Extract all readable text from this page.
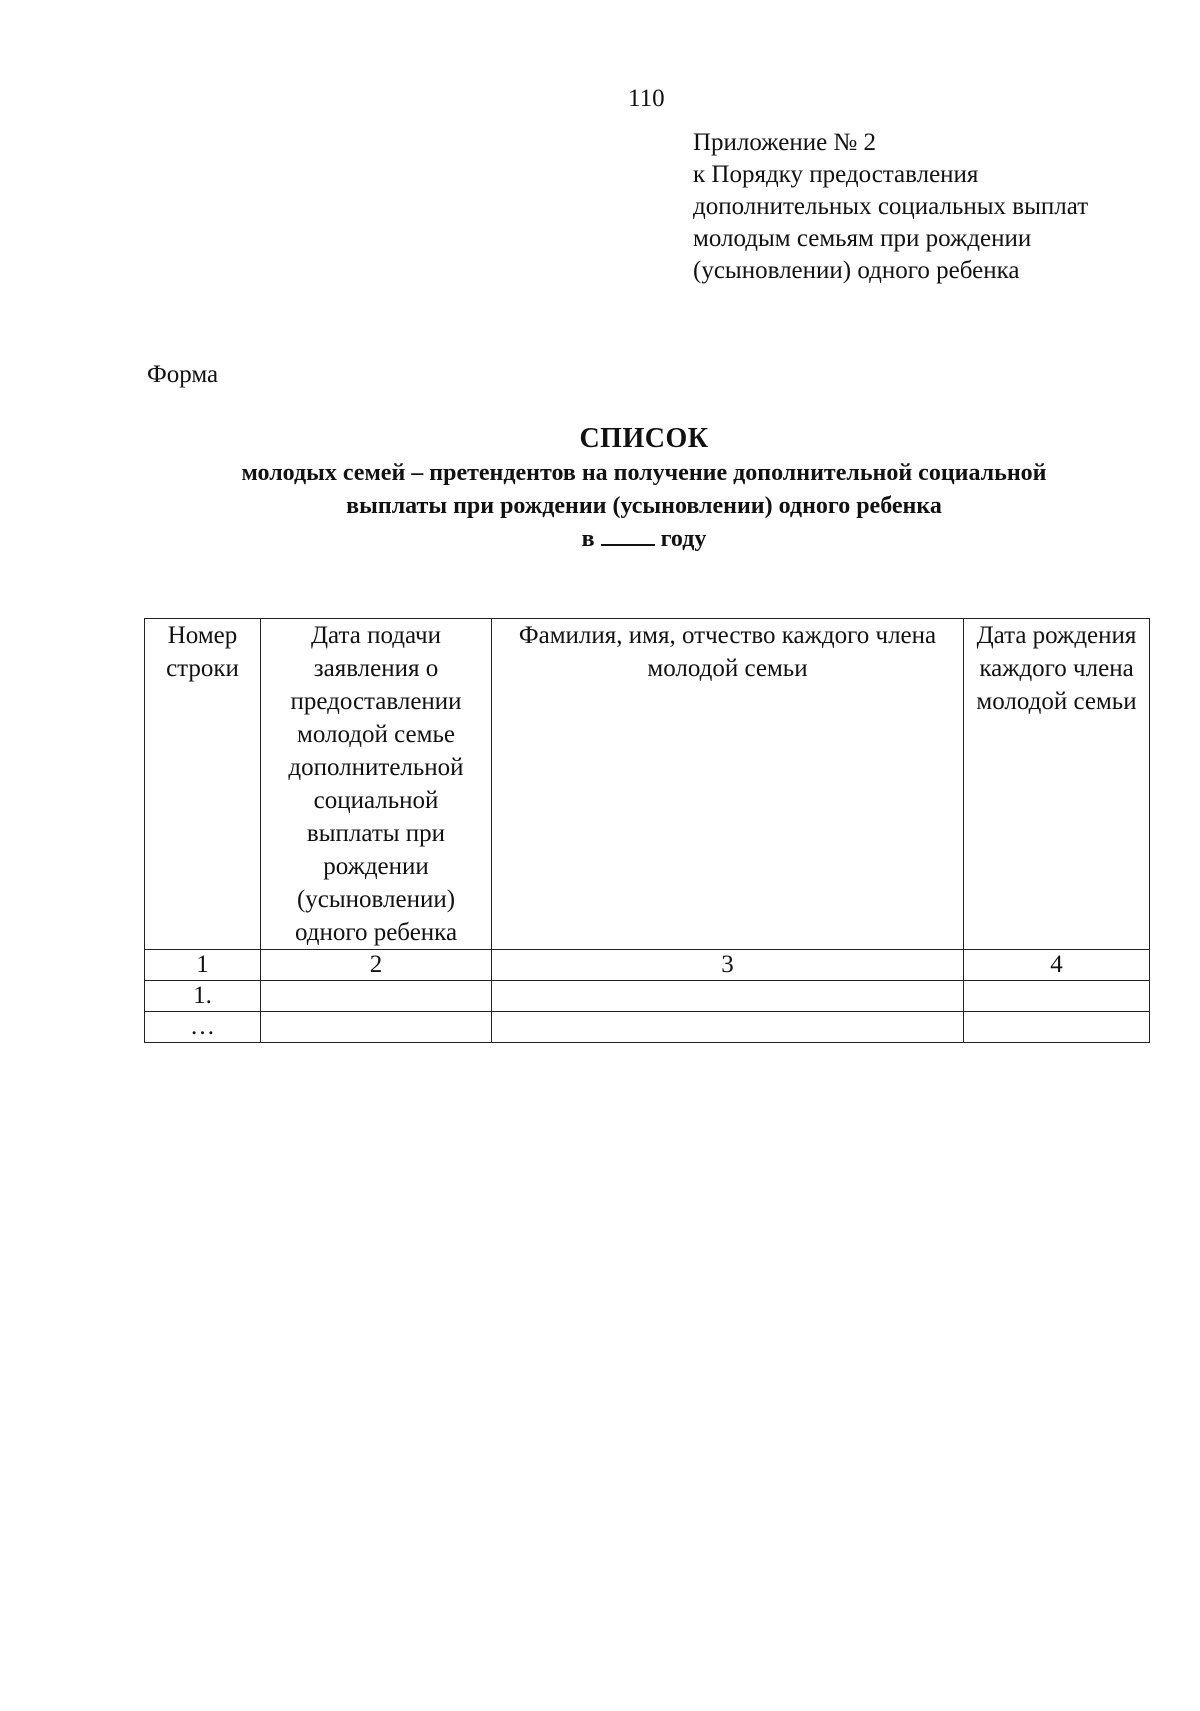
110
Приложение № 2
к Порядку предоставления
дополнительных социальных выплат
молодым семьям при рождении
(усыновлении) одного ребенка
Форма
СПИСОК
молодых семей – претендентов на получение дополнительной социальной
выплаты при рождении (усыновлении) одного ребенка
в	году
Номер строки	Дата подачи заявления о предоставлении молодой семье дополнительной социальной выплаты при рождении (усыновлении) одного ребенка	Фамилия, имя, отчество каждого члена молодой семьи	Дата рождения каждого члена молодой семьи
1	2	3	4
1.			
…			
